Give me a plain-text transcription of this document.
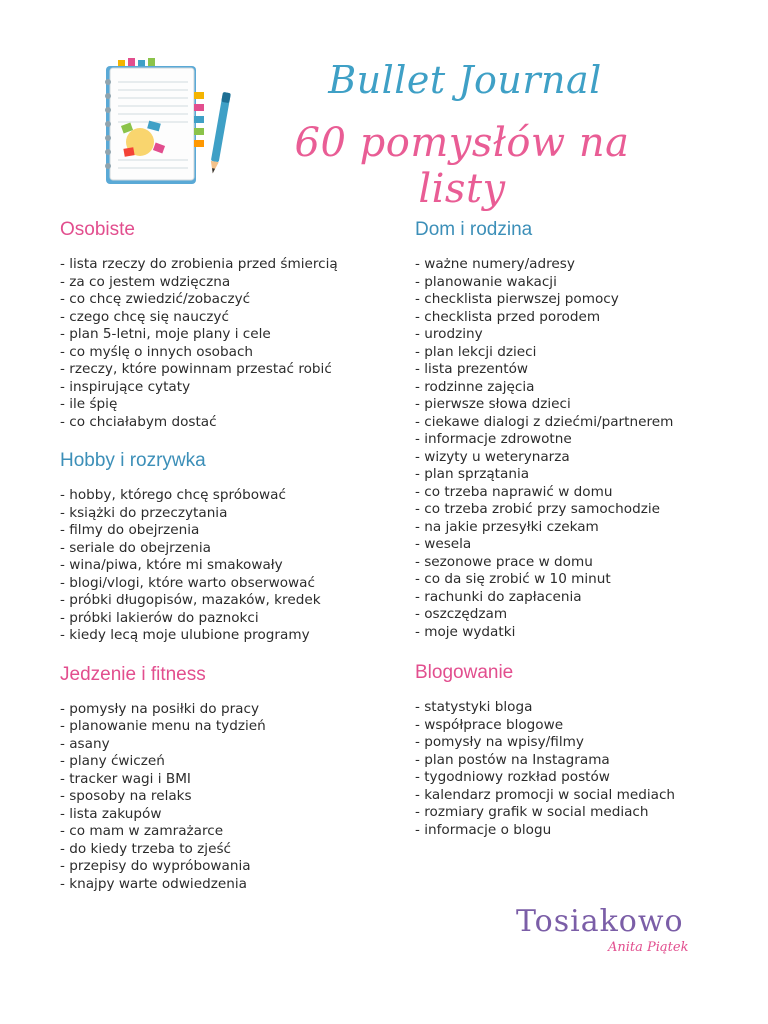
Bullet Journal
60 pomysłów na listy
Osobiste
- lista rzeczy do zrobienia przed śmiercią
- za co jestem wdzięczna
- co chcę zwiedzić/zobaczyć
- czego chcę się nauczyć
- plan 5-letni, moje plany i cele
- co myślę o innych osobach
- rzeczy, które powinnam przestać robić
- inspirujące cytaty
- ile śpię
- co chciałabym dostać
Hobby i rozrywka
- hobby, którego chcę spróbować
- książki do przeczytania
- filmy do obejrzenia
- seriale do obejrzenia
- wina/piwa, które mi smakowały
- blogi/vlogi, które warto obserwować
- próbki długopisów, mazaków, kredek
- próbki lakierów do paznokci
- kiedy lecą moje ulubione programy
Jedzenie i fitness
- pomysły na posiłki do pracy
- planowanie menu na tydzień
- asany
- plany ćwiczeń
- tracker wagi i BMI
- sposoby na relaks
- lista zakupów
- co mam w zamrażarce
- do kiedy trzeba to zjeść
- przepisy do wypróbowania
- knajpy warte odwiedzenia
Dom i rodzina
- ważne numery/adresy
- planowanie wakacji
- checklista pierwszej pomocy
- checklista przed porodem
- urodziny
- plan lekcji dzieci
- lista prezentów
- rodzinne zajęcia
- pierwsze słowa dzieci
- ciekawe dialogi z dziećmi/partnerem
- informacje zdrowotne
- wizyty u weterynarza
- plan sprzątania
- co trzeba naprawić w domu
- co trzeba zrobić przy samochodzie
- na jakie przesyłki czekam
- wesela
- sezonowe prace w domu
- co da się zrobić w 10 minut
- rachunki do zapłacenia
- oszczędzam
- moje wydatki
Blogowanie
- statystyki bloga
- współprace blogowe
- pomysły na wpisy/filmy
- plan postów na Instagrama
- tygodniowy rozkład postów
- kalendarz promocji w social mediach
- rozmiary grafik w social mediach
- informacje o blogu
Tosiakowo
Anita Piątek
